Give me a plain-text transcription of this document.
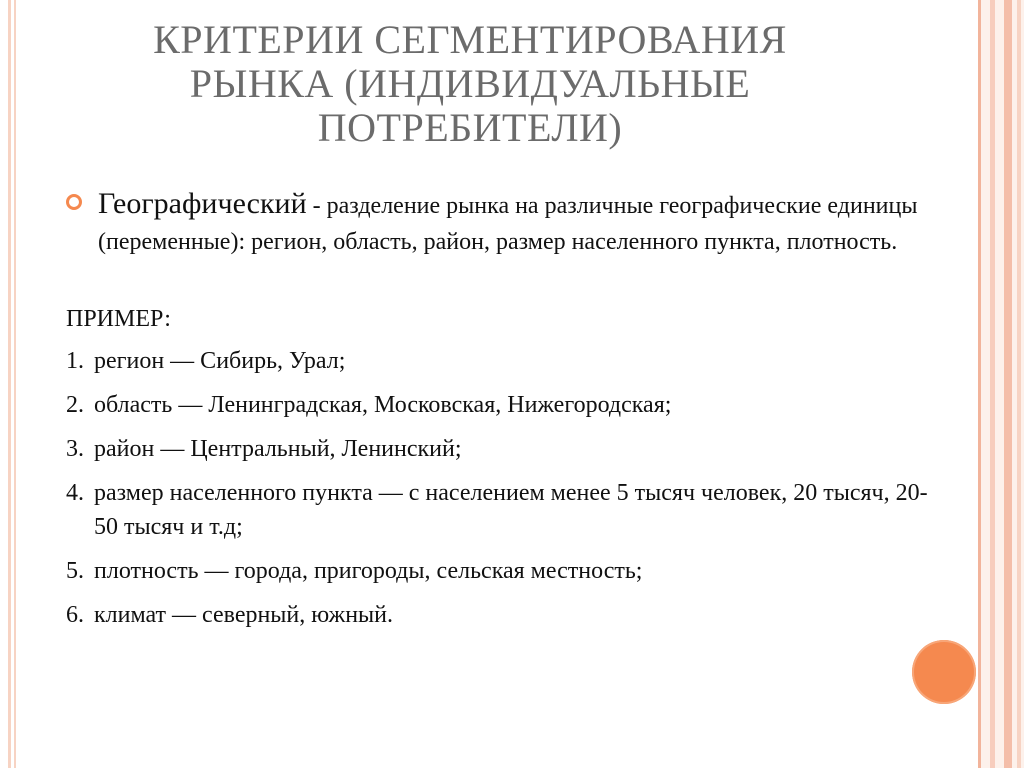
КРИТЕРИИ СЕГМЕНТИРОВАНИЯ
РЫНКА (ИНДИВИДУАЛЬНЫЕ
ПОТРЕБИТЕЛИ)
Географический - разделение рынка на различные географические единицы (переменные): регион, область, район, размер населенного пункта, плотность.
ПРИМЕР:
1. регион — Сибирь, Урал;
2. область — Ленинградская, Московская, Нижегородская;
3. район — Центральный, Ленинский;
4. размер населенного пункта — с населением менее 5 тысяч человек, 20 тысяч, 20-50 тысяч и т.д;
5. плотность — города, пригороды, сельская местность;
6. климат — северный, южный.
